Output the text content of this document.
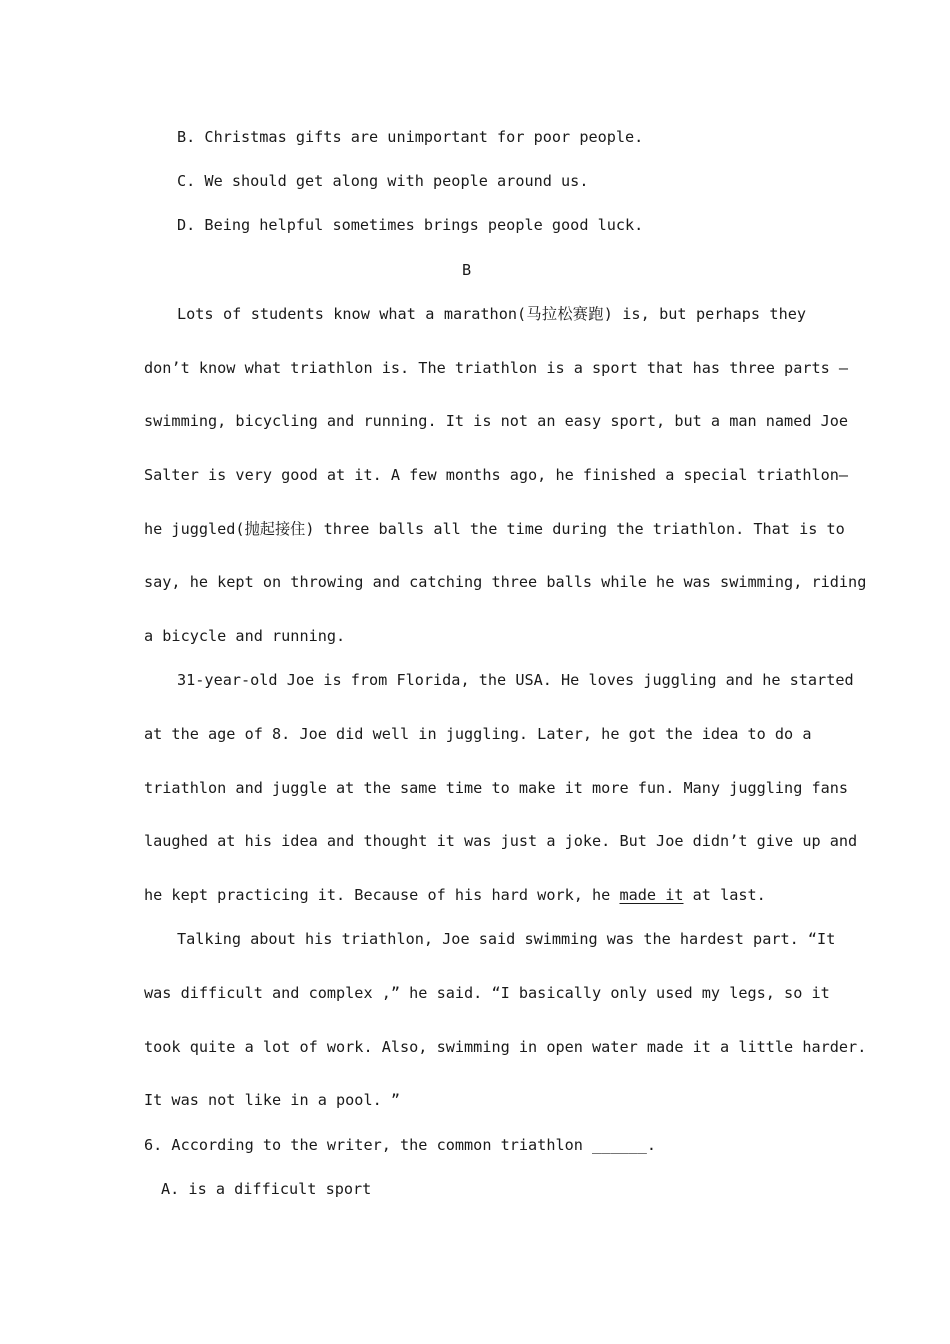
B. Christmas gifts are unimportant for poor people.
C. We should get along with people around us.
D. Being helpful sometimes brings people good luck.
B
Lots of students know what a marathon(马拉松赛跑) is, but perhaps they
don’t know what triathlon is. The triathlon is a sport that has three parts —
swimming, bicycling and running. It is not an easy sport, but a man named Joe
Salter is very good at it. A few months ago, he finished a special triathlon—
he juggled(抛起接住) three balls all the time during the triathlon. That is to
say, he kept on throwing and catching three balls while he was swimming, riding
a bicycle and running.
31-year-old Joe is from Florida, the USA. He loves juggling and he started
at the age of 8. Joe did well in juggling. Later, he got the idea to do a
triathlon and juggle at the same time to make it more fun. Many juggling fans
laughed at his idea and thought it was just a joke. But Joe didn’t give up and
he kept practicing it. Because of his hard work, he made it at last.
Talking about his triathlon, Joe said swimming was the hardest part. “It
was difficult and complex ,” he said. “I basically only used my legs, so it
took quite a lot of work. Also, swimming in open water made it a little harder.
It was not like in a pool. ”
6. According to the writer, the common triathlon ______.
A. is a difficult sport
